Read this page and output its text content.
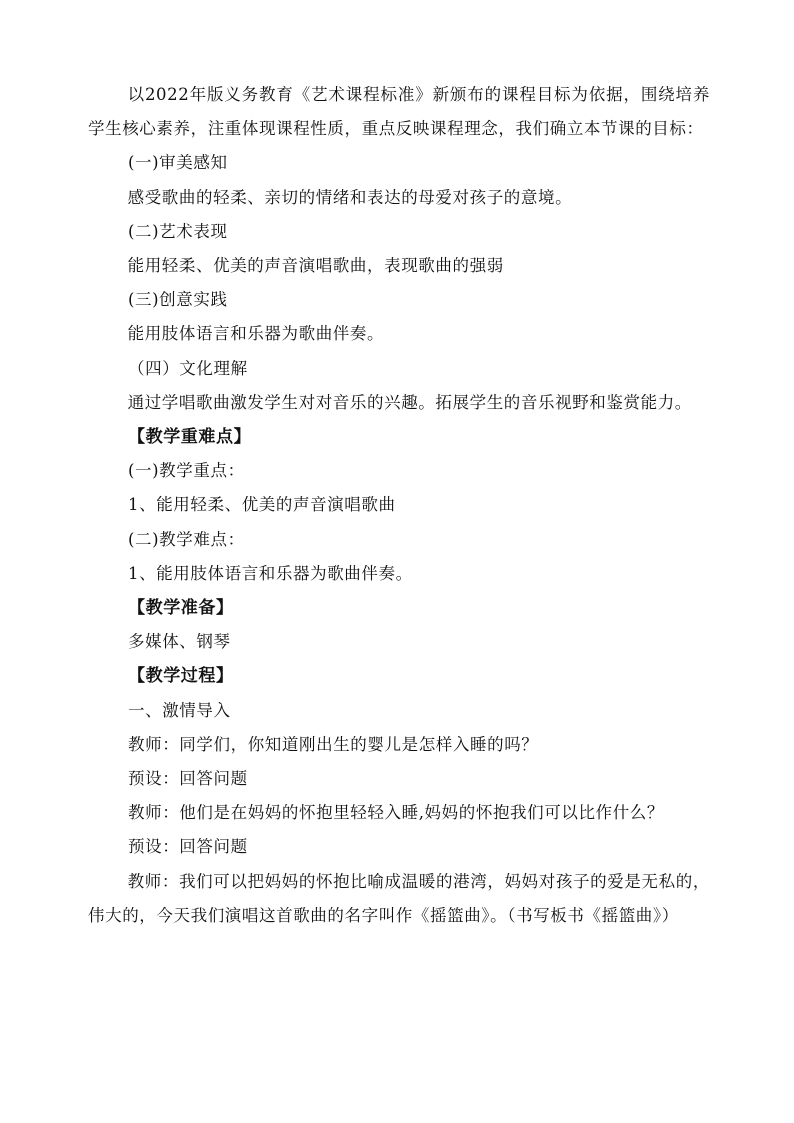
以2022年版义务教育《艺术课程标准》新颁布的课程目标为依据，围绕培养学生核心素养，注重体现课程性质，重点反映课程理念，我们确立本节课的目标：

(一)审美感知

感受歌曲的轻柔、亲切的情绪和表达的母爱对孩子的意境。

(二)艺术表现

能用轻柔、优美的声音演唱歌曲，表现歌曲的强弱

(三)创意实践

能用肢体语言和乐器为歌曲伴奏。

（四）文化理解

通过学唱歌曲激发学生对对音乐的兴趣。拓展学生的音乐视野和鉴赏能力。

【教学重难点】

(一)教学重点：

1、能用轻柔、优美的声音演唱歌曲

(二)教学难点：

1、能用肢体语言和乐器为歌曲伴奏。

【教学准备】

多媒体、钢琴

【教学过程】

一、激情导入

教师：同学们，你知道刚出生的婴儿是怎样入睡的吗？

预设：回答问题

教师：他们是在妈妈的怀抱里轻轻入睡,妈妈的怀抱我们可以比作什么？

预设：回答问题

教师：我们可以把妈妈的怀抱比喻成温暖的港湾，妈妈对孩子的爱是无私的，伟大的，今天我们演唱这首歌曲的名字叫作《摇篮曲》。（书写板书《摇篮曲》）
